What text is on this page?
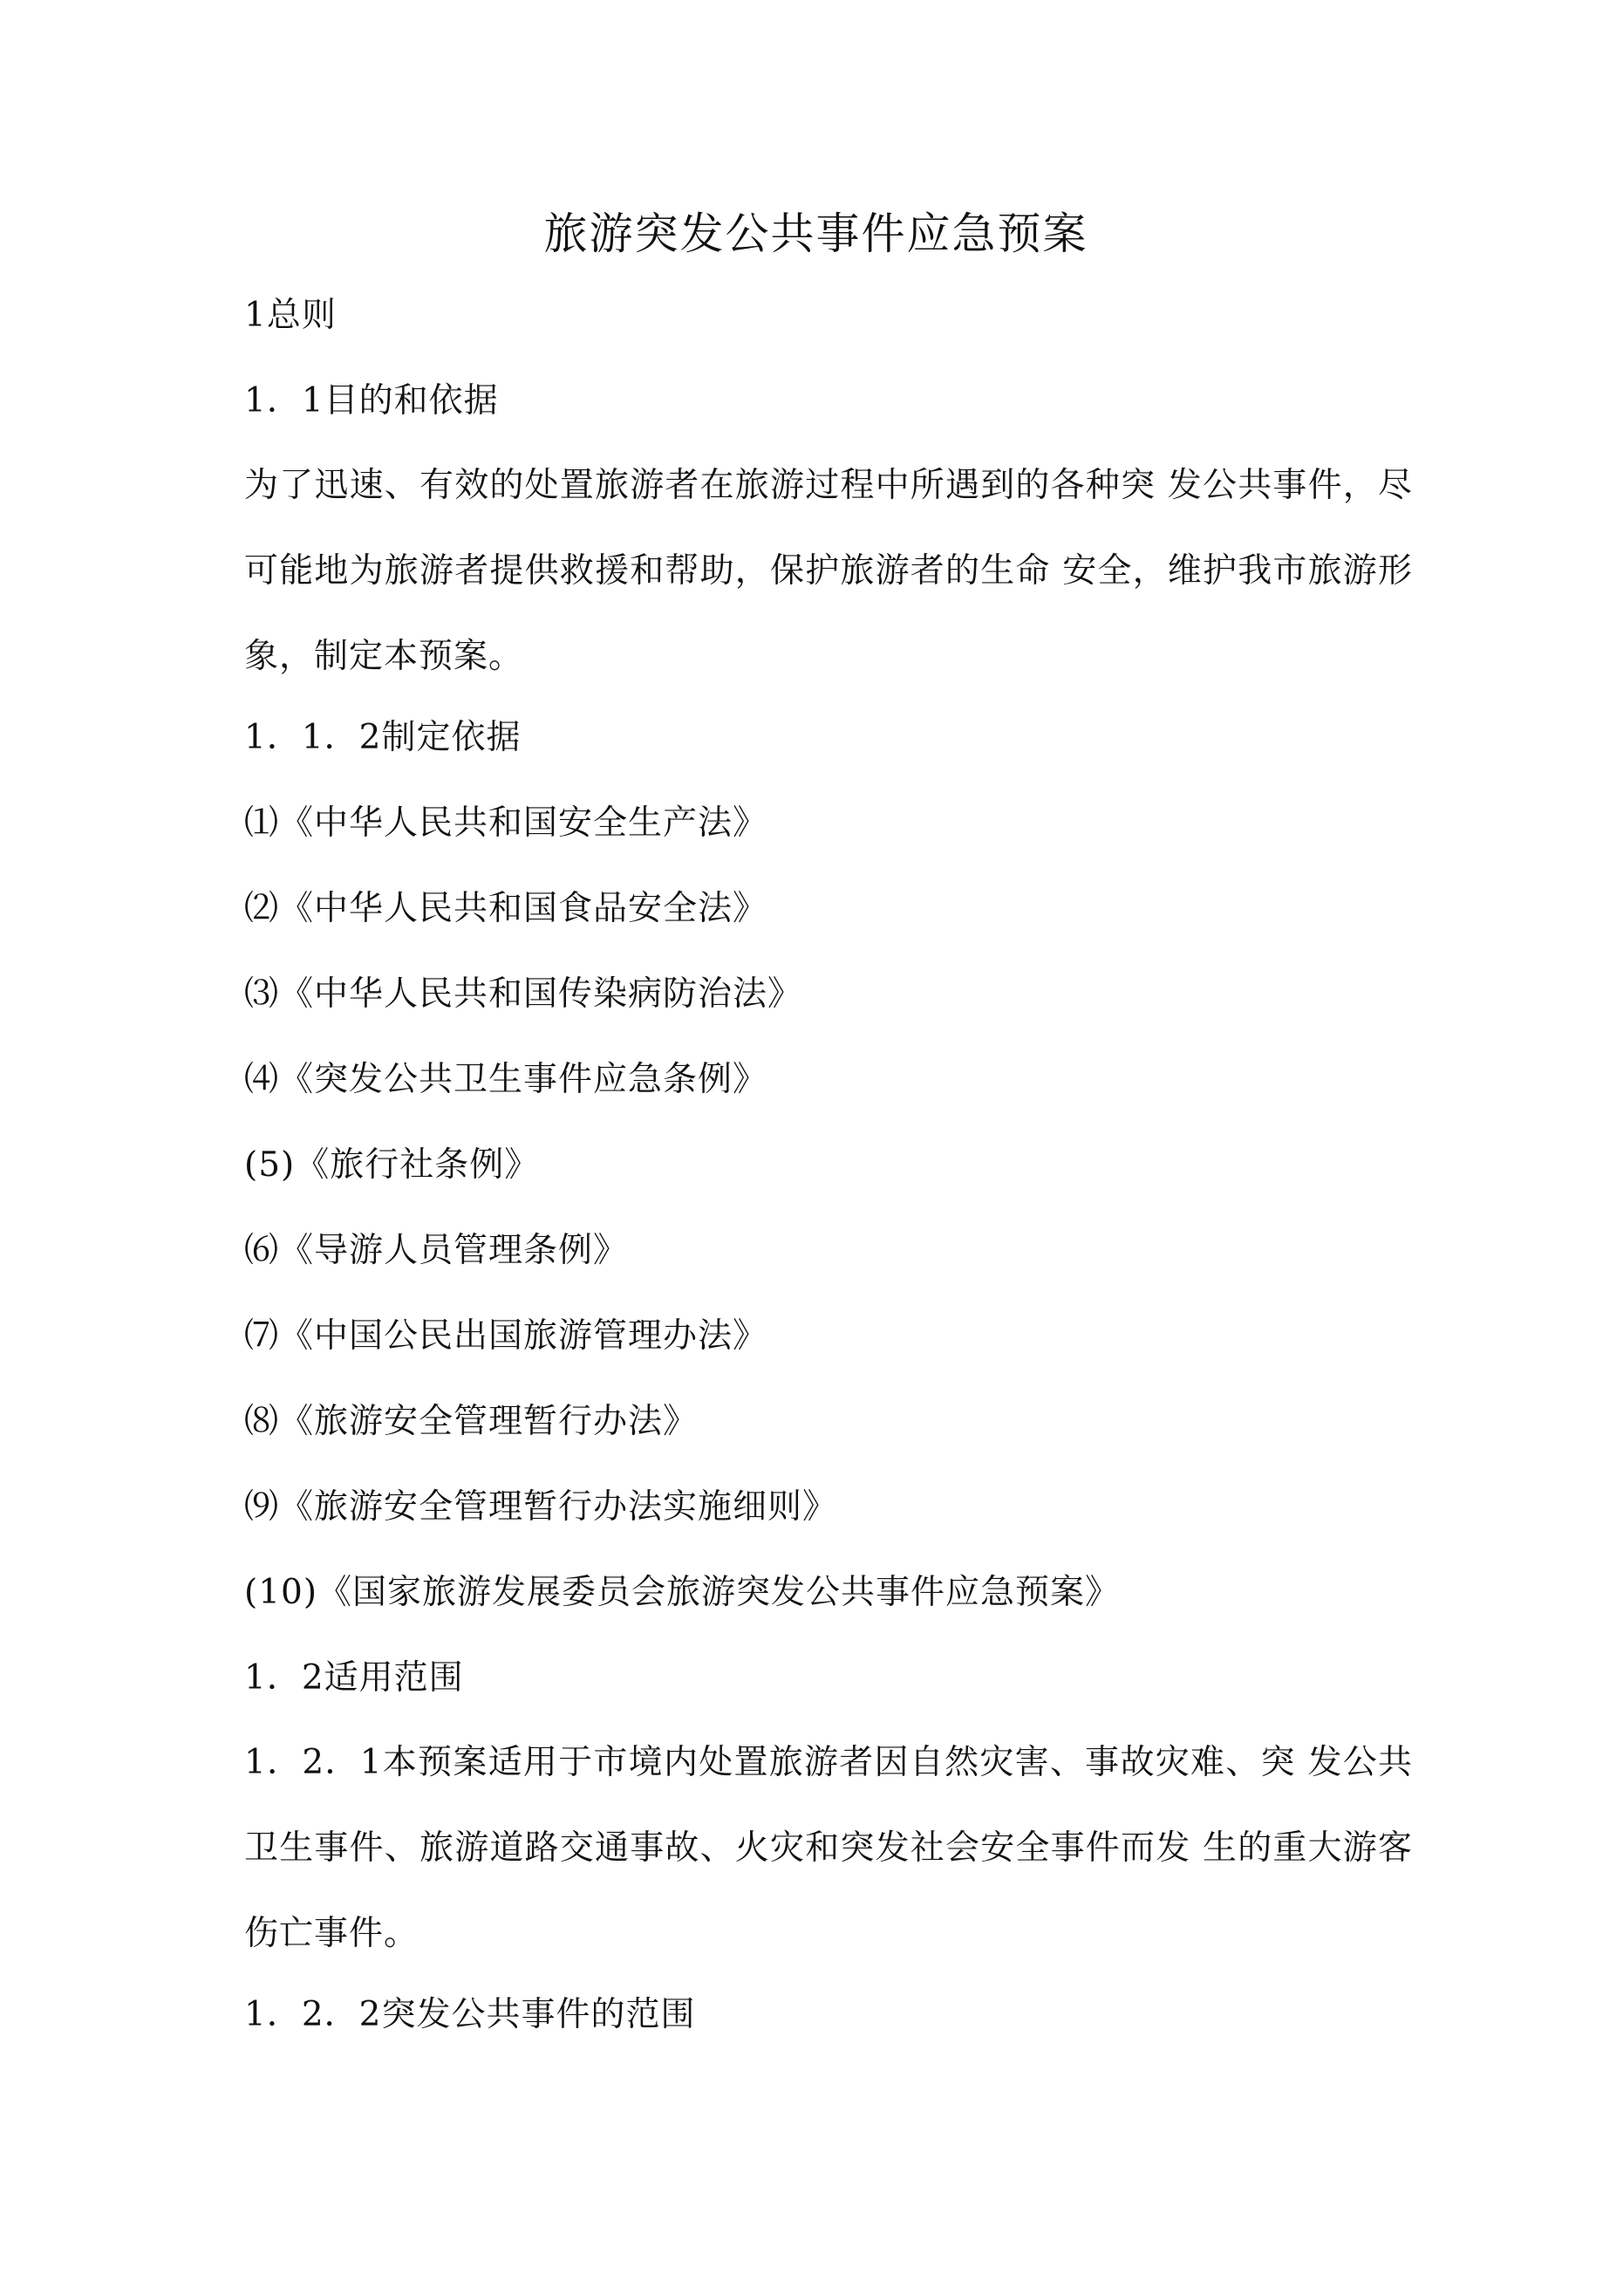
旅游突发公共事件应急预案
1总则
1．1目的和依据
为了迅速、有效的处置旅游者在旅游过程中所遇到的各种突 发公共事件，尽可能地为旅游者提供救援和帮助，保护旅游者的生命 安全，维护我市旅游形象，制定本预案。
1．1．2制定依据
⑴《中华人民共和国安全生产法》
⑵《中华人民共和国食品安全法》
⑶《中华人民共和国传染病防治法》
⑷《突发公共卫生事件应急条例》
(5)《旅行社条例》
⑹《导游人员管理条例》
⑺《中国公民出国旅游管理办法》
⑻《旅游安全管理暂行办法》
⑼《旅游安全管理暂行办法实施细则》
(10)《国家旅游发展委员会旅游突发公共事件应急预案》
1．2适用范围
1．2．1本预案适用于市境内处置旅游者因自然灾害、事故灾难、突 发公共卫生事件、旅游道路交通事故、火灾和突发社会安全事件而发 生的重大游客伤亡事件。
1．2．2突发公共事件的范围
